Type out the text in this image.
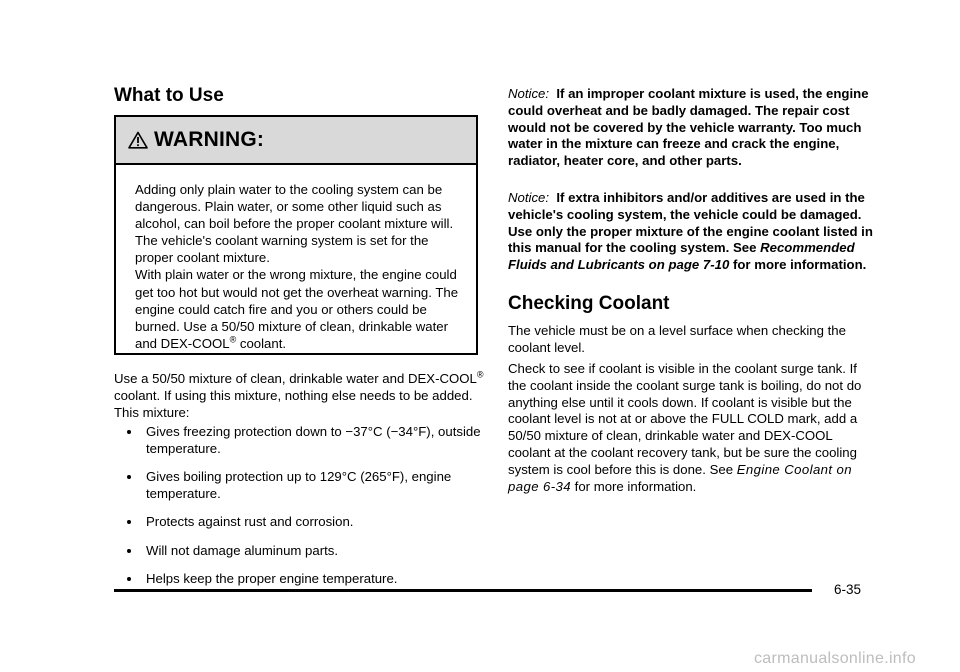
What to Use
WARNING:

Adding only plain water to the cooling system can be dangerous. Plain water, or some other liquid such as alcohol, can boil before the proper coolant mixture will. The vehicle's coolant warning system is set for the proper coolant mixture.

With plain water or the wrong mixture, the engine could get too hot but would not get the overheat warning. The engine could catch fire and you or others could be burned. Use a 50/50 mixture of clean, drinkable water and DEX-COOL® coolant.

Use a 50/50 mixture of clean, drinkable water and DEX-COOL® coolant. If using this mixture, nothing else needs to be added. This mixture:

Gives freezing protection down to −37°C (−34°F), outside temperature.
Gives boiling protection up to 129°C (265°F), engine temperature.
Protects against rust and corrosion.
Will not damage aluminum parts.
Helps keep the proper engine temperature.

Notice: If an improper coolant mixture is used, the engine could overheat and be badly damaged. The repair cost would not be covered by the vehicle warranty. Too much water in the mixture can freeze and crack the engine, radiator, heater core, and other parts.

Notice: If extra inhibitors and/or additives are used in the vehicle's cooling system, the vehicle could be damaged. Use only the proper mixture of the engine coolant listed in this manual for the cooling system. See Recommended Fluids and Lubricants on page 7-10 for more information.

Checking Coolant

The vehicle must be on a level surface when checking the coolant level.

Check to see if coolant is visible in the coolant surge tank. If the coolant inside the coolant surge tank is boiling, do not do anything else until it cools down. If coolant is visible but the coolant level is not at or above the FULL COLD mark, add a 50/50 mixture of clean, drinkable water and DEX-COOL coolant at the coolant recovery tank, but be sure the cooling system is cool before this is done. See Engine Coolant on page 6-34 for more information.

6-35
carmanualsonline.info
